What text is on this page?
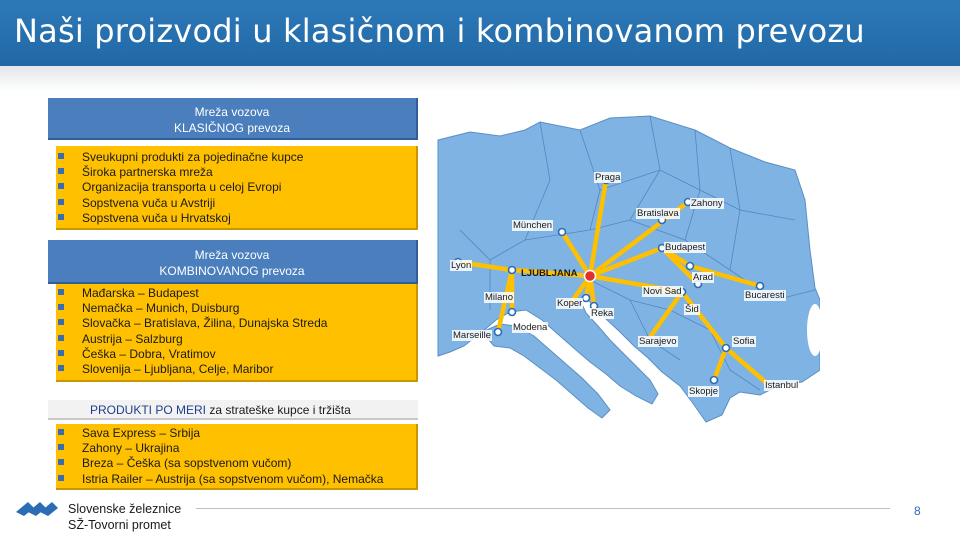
Naši proizvodi u klasičnom i kombinovanom prevozu
Mreža vozova
KLASIČNOG prevoza
Sveukupni produkti za pojedinačne kupce
Široka partnerska mreža
Organizacija transporta u celoj Evropi
Sopstvena vuča u Avstriji
Sopstvena vuča u Hrvatskoj
Mreža vozova
KOMBINOVANOG prevoza
Mađarska – Budapest
Nemačka – Munich, Duisburg
Slovačka – Bratislava, Žilina, Dunajska Streda
Austrija – Salzburg
Češka – Dobra, Vratimov
Slovenija – Ljubljana, Celje, Maribor
PRODUKTI PO MERI za strateške kupce i tržišta
Sava Express – Srbija
Zahony – Ukrajina
Breza – Češka (sa sopstvenom vučom)
Istria Railer – Austrija (sa sopstvenom vučom), Nemačka
Praga
Zahony
Bratislava
München
Budapest
Lyon
LJUBLJANA	Arad
Novi Sad	Bucaresti
Milano
Koper
Reka	Šid
Modena
Marseille
Sarajevo	Sofia
Istanbul
Skopje
Slovenske železnice
SŽ-Tovorni promet
8
